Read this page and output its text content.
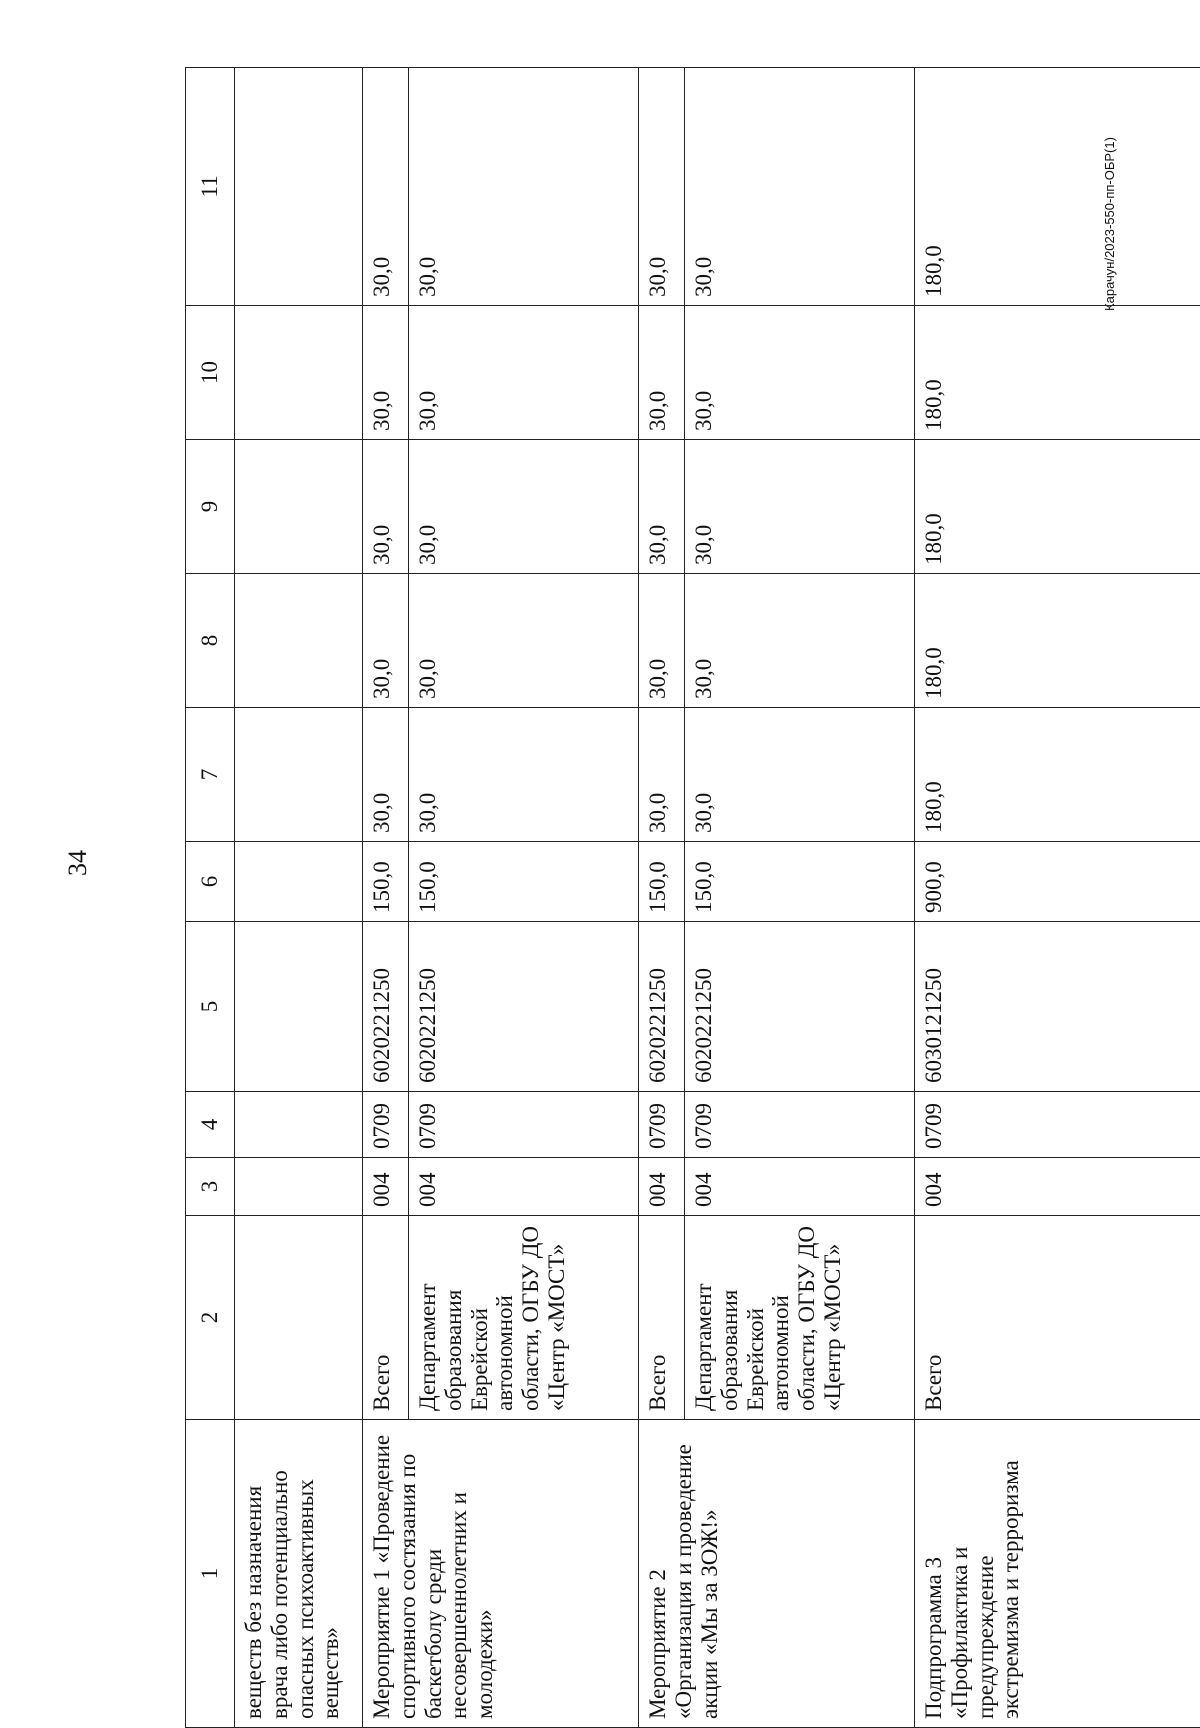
34
Карачун/2023-550-пп-ОБР(1)
1	2	3	4	5	6	7	8	9	10	11
веществ без назначения врача либо потенциально опасных психоактивных веществ»										
Мероприятие 1 «Проведение спортивного состязания по баскетболу среди несовершеннолетних и молодежи»	Всего	004	0709	6020221250	150,0	30,0	30,0	30,0	30,0	30,0
	Департамент образования Еврейской автономной области, ОГБУ ДО «Центр «МОСТ»	004	0709	6020221250	150,0	30,0	30,0	30,0	30,0	30,0
Мероприятие 2 «Организация и проведение акции «Мы за ЗОЖ!»	Всего	004	0709	6020221250	150,0	30,0	30,0	30,0	30,0	30,0
	Департамент образования Еврейской автономной области, ОГБУ ДО «Центр «МОСТ»	004	0709	6020221250	150,0	30,0	30,0	30,0	30,0	30,0
Подпрограмма 3 «Профилактика и предупреждение экстремизма и терроризма	Всего	004	0709	6030121250	900,0	180,0	180,0	180,0	180,0	180,0
